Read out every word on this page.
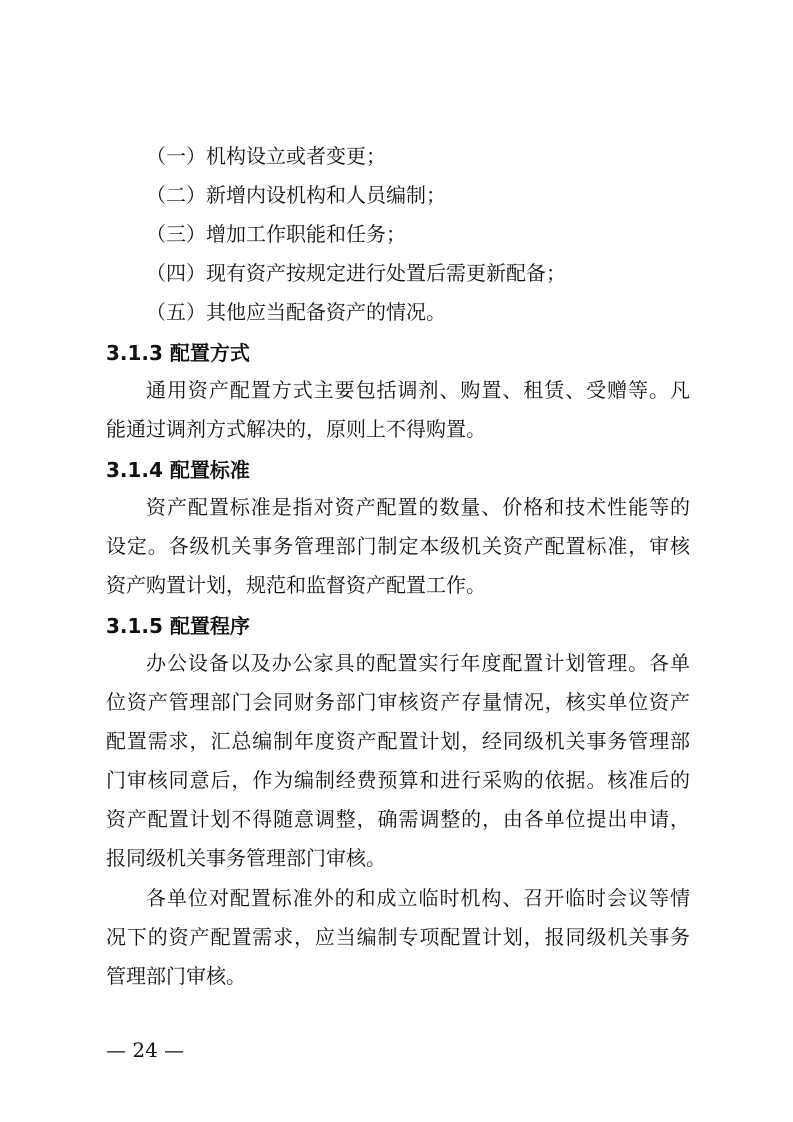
（一）机构设立或者变更；
（二）新增内设机构和人员编制；
（三）增加工作职能和任务；
（四）现有资产按规定进行处置后需更新配备；
（五）其他应当配备资产的情况。
3.1.3 配置方式
通用资产配置方式主要包括调剂、购置、租赁、受赠等。凡
能通过调剂方式解决的，原则上不得购置。
3.1.4 配置标准
资产配置标准是指对资产配置的数量、价格和技术性能等的
设定。各级机关事务管理部门制定本级机关资产配置标准，审核
资产购置计划，规范和监督资产配置工作。
3.1.5 配置程序
办公设备以及办公家具的配置实行年度配置计划管理。各单
位资产管理部门会同财务部门审核资产存量情况，核实单位资产
配置需求，汇总编制年度资产配置计划，经同级机关事务管理部
门审核同意后，作为编制经费预算和进行采购的依据。核准后的
资产配置计划不得随意调整，确需调整的，由各单位提出申请，
报同级机关事务管理部门审核。
各单位对配置标准外的和成立临时机构、召开临时会议等情
况下的资产配置需求，应当编制专项配置计划，报同级机关事务
管理部门审核。
— 24 —
